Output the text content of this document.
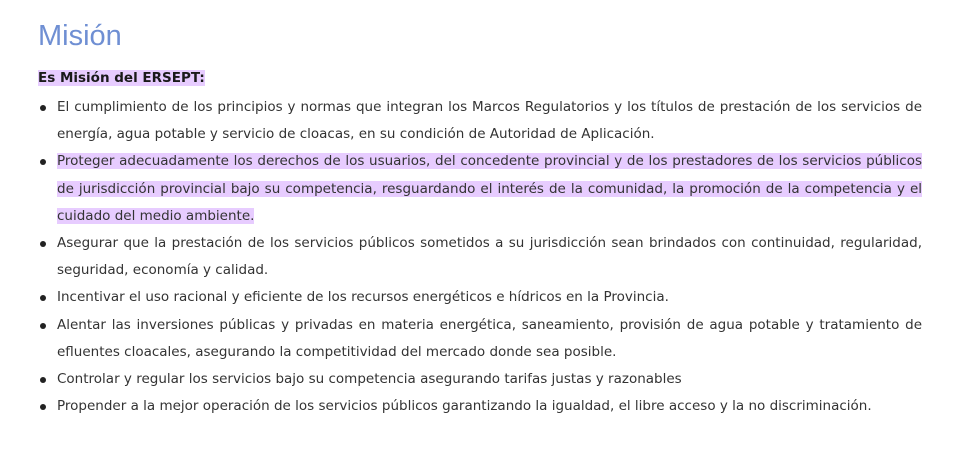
Misión

Es Misión del ERSEPT:

El cumplimiento de los principios y normas que integran los Marcos Regulatorios y los títulos de prestación de los servicios de energía, agua potable y servicio de cloacas, en su condición de Autoridad de Aplicación.
Proteger adecuadamente los derechos de los usuarios, del concedente provincial y de los prestadores de los servicios públicos de jurisdicción provincial bajo su competencia, resguardando el interés de la comunidad, la promoción de la competencia y el cuidado del medio ambiente.
Asegurar que la prestación de los servicios públicos sometidos a su jurisdicción sean brindados con continuidad, regularidad, seguridad, economía y calidad.
Incentivar el uso racional y eficiente de los recursos energéticos e hídricos en la Provincia.
Alentar las inversiones públicas y privadas en materia energética, saneamiento, provisión de agua potable y tratamiento de efluentes cloacales, asegurando la competitividad del mercado donde sea posible.
Controlar y regular los servicios bajo su competencia asegurando tarifas justas y razonables
Propender a la mejor operación de los servicios públicos garantizando la igualdad, el libre acceso y la no discriminación.
